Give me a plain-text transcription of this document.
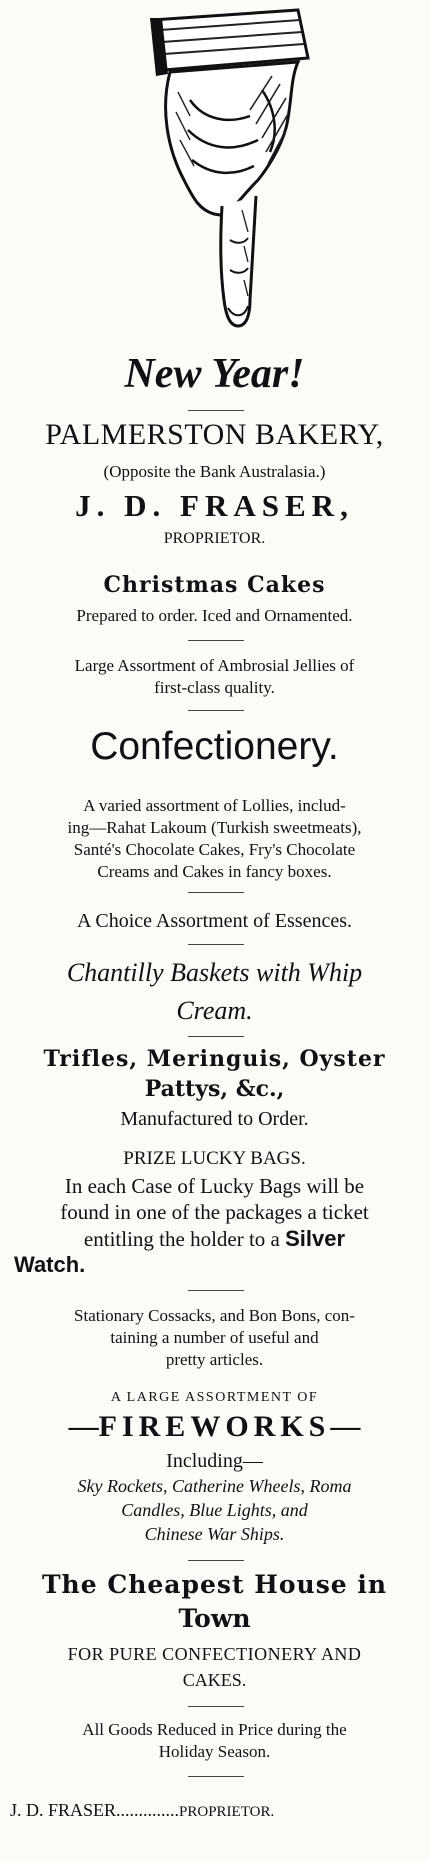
New Year!
PALMERSTON BAKERY,
(Opposite the Bank Australasia.)
J. D. FRASER,
PROPRIETOR.
Christmas Cakes
Prepared to order. Iced and Ornamented.
Large Assortment of Ambrosial Jellies of
first-class quality.
Confectionery.
A varied assortment of Lollies, includ-
ing—Rahat Lakoum (Turkish sweetmeats),
Santé's Chocolate Cakes, Fry's Chocolate
Creams and Cakes in fancy boxes.
A Choice Assortment of Essences.
Chantilly Baskets with Whip
Cream.
Trifles, Meringuis, Oyster
Pattys, &c.,
Manufactured to Order.
PRIZE LUCKY BAGS.
In each Case of Lucky Bags will be
found in one of the packages a ticket
entitling the holder to a Silver
Watch.
Stationary Cossacks, and Bon Bons, con-
taining a number of useful and
pretty articles.
A LARGE ASSORTMENT OF
—FIREWORKS—
Including—
Sky Rockets, Catherine Wheels, Roma
Candles, Blue Lights, and
Chinese War Ships.
The Cheapest House in
Town
FOR PURE CONFECTIONERY AND
CAKES.
All Goods Reduced in Price during the
Holiday Season.
J. D. FRASER..............PROPRIETOR.
